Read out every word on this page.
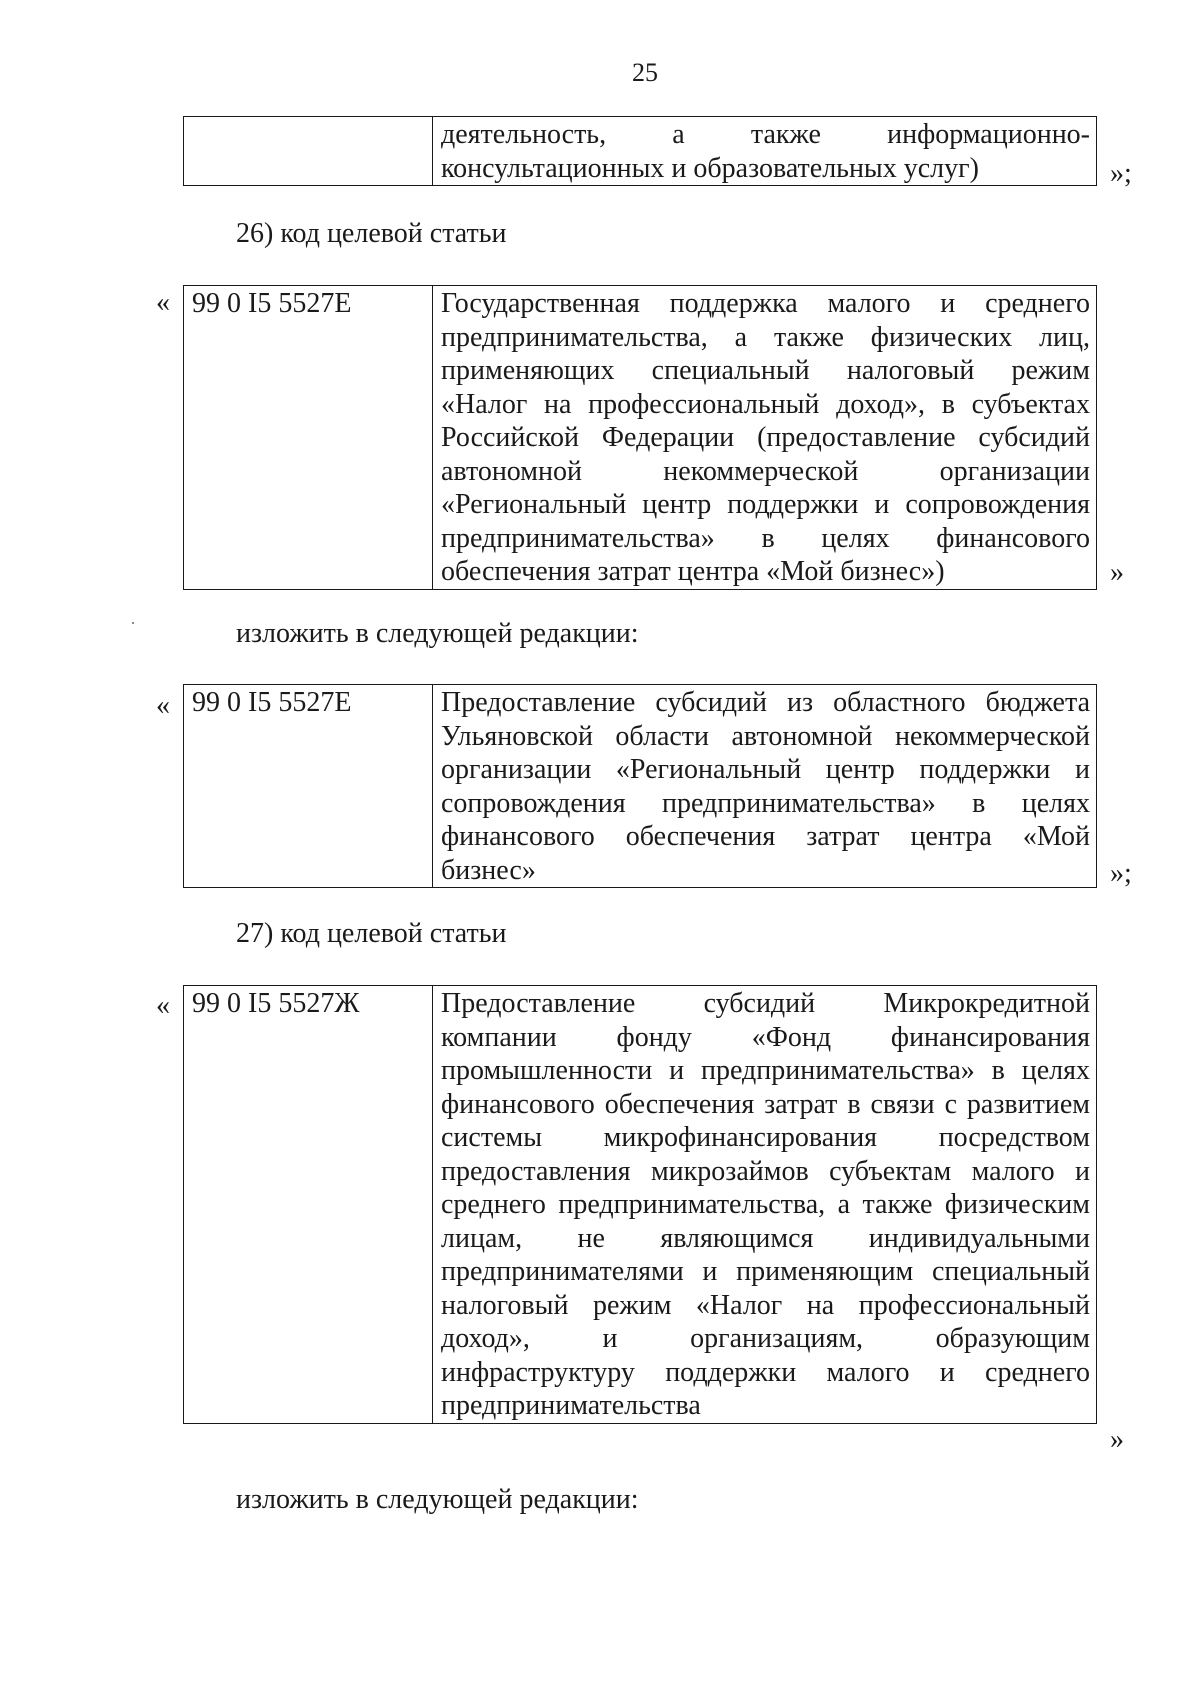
25
	деятельность, а также информационно-консультационных и образовательных услуг)	»;
26) код целевой статьи
« 99 0 I5 5527Е	Государственная поддержка малого и среднего предпринимательства, а также физических лиц, применяющих специальный налоговый режим «Налог на профессиональный доход», в субъектах Российской Федерации (предоставление субсидий автономной некоммерческой организации «Региональный центр поддержки и сопровождения предпринимательства» в целях финансового обеспечения затрат центра «Мой бизнес»)	»
изложить в следующей редакции:
« 99 0 I5 5527Е	Предоставление субсидий из областного бюджета Ульяновской области автономной некоммерческой организации «Региональный центр поддержки и сопровождения предпринимательства» в целях финансового обеспечения затрат центра «Мой бизнес»	»;
27) код целевой статьи
« 99 0 I5 5527Ж	Предоставление субсидий Микрокредитной компании фонду «Фонд финансирования промышленности и предпринимательства» в целях финансового обеспечения затрат в связи с развитием системы микрофинансирования посредством предоставления микрозаймов субъектам малого и среднего предпринимательства, а также физическим лицам, не являющимся индивидуальными предпринимателями и применяющим специальный налоговый режим «Налог на профессиональный доход», и организациям, образующим инфраструктуру поддержки малого и среднего предпринимательства
»
изложить в следующей редакции:
